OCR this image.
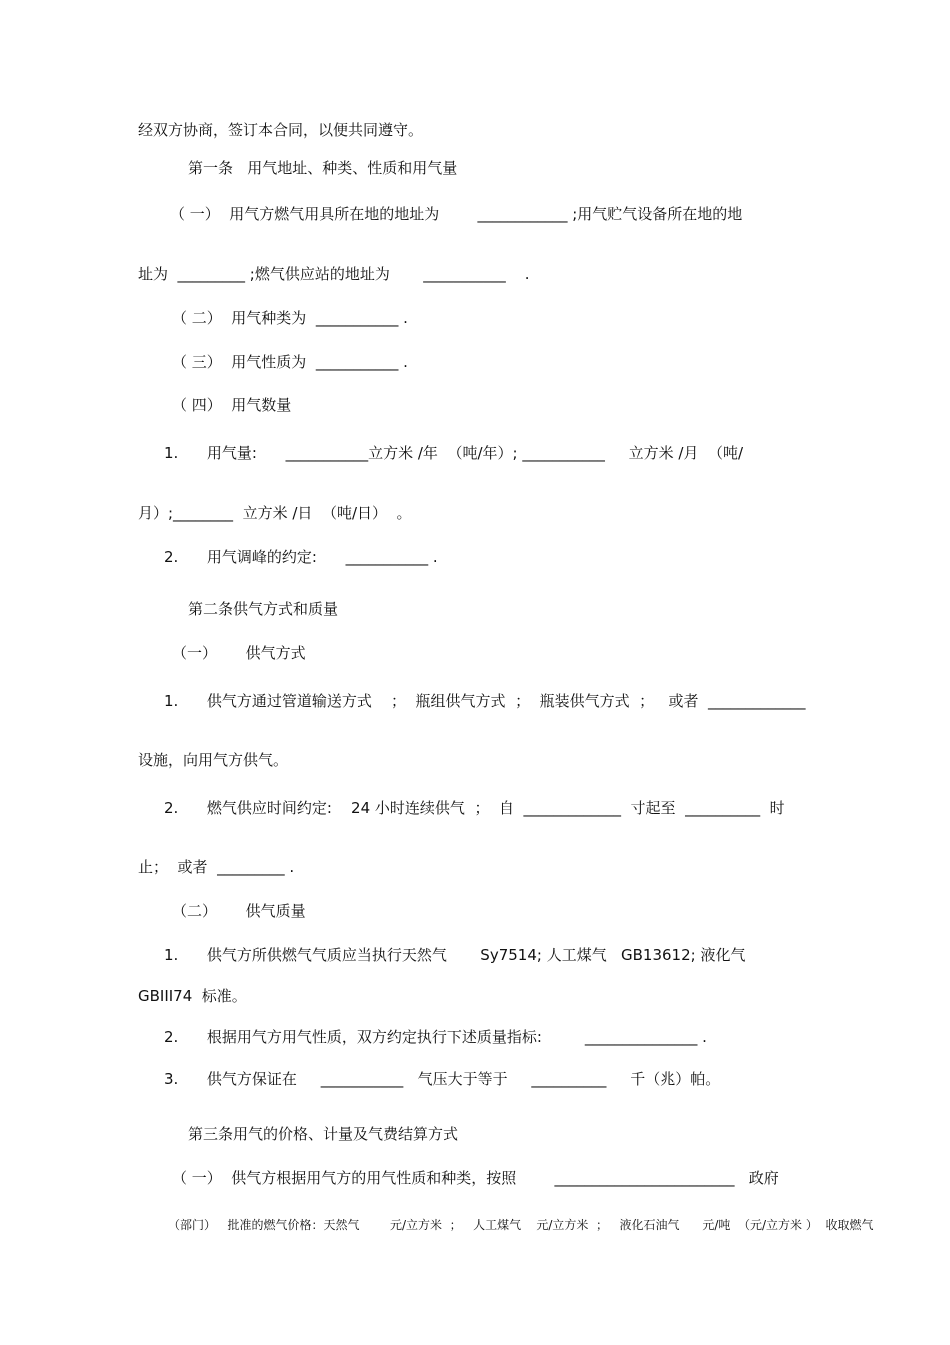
经双方协商，签订本合同，以便共同遵守。
第一条   用气地址、种类、性质和用气量
（ 一）  用气方燃气用具所在地的地址为        ____________ ;用气贮气设备所在地的地
址为  _________ ;燃气供应站的地址为       ___________    .
（ 二）  用气种类为  ___________ .
（ 三）  用气性质为  ___________ .
（ 四）  用气数量
1.      用气量:      ___________立方米 /年  （吨/年）; ___________     立方米 /月  （吨/
月）;________  立方米 /日  （吨/日）  。
2.      用气调峰的约定:      ___________ .
第二条供气方式和质量
（一）      供气方式
1.      供气方通过管道输送方式    ；  瓶组供气方式  ；  瓶装供气方式  ；   或者  _____________
设施，向用气方供气。
2.      燃气供应时间约定:    24 小时连续供气  ；  自  _____________  寸起至  __________  时
止；  或者  _________ .
（二）      供气质量
1.      供气方所供燃气气质应当执行天然气       Sy7514; 人工煤气   GB13612; 液化气
GBIII74  标准。
2.      根据用气方用气性质，双方约定执行下述质量指标:         _______________ .
3.      供气方保证在     ___________   气压大于等于     __________     千（兆）帕。
第三条用气的价格、计量及气费结算方式
（ 一）  供气方根据用气方的用气性质和种类，按照        ________________________   政府
（部门）   批准的燃气价格：天然气        元/立方米  ；   人工煤气    元/立方米  ；   液化石油气      元/吨  （元/立方米 ）  收取燃气
